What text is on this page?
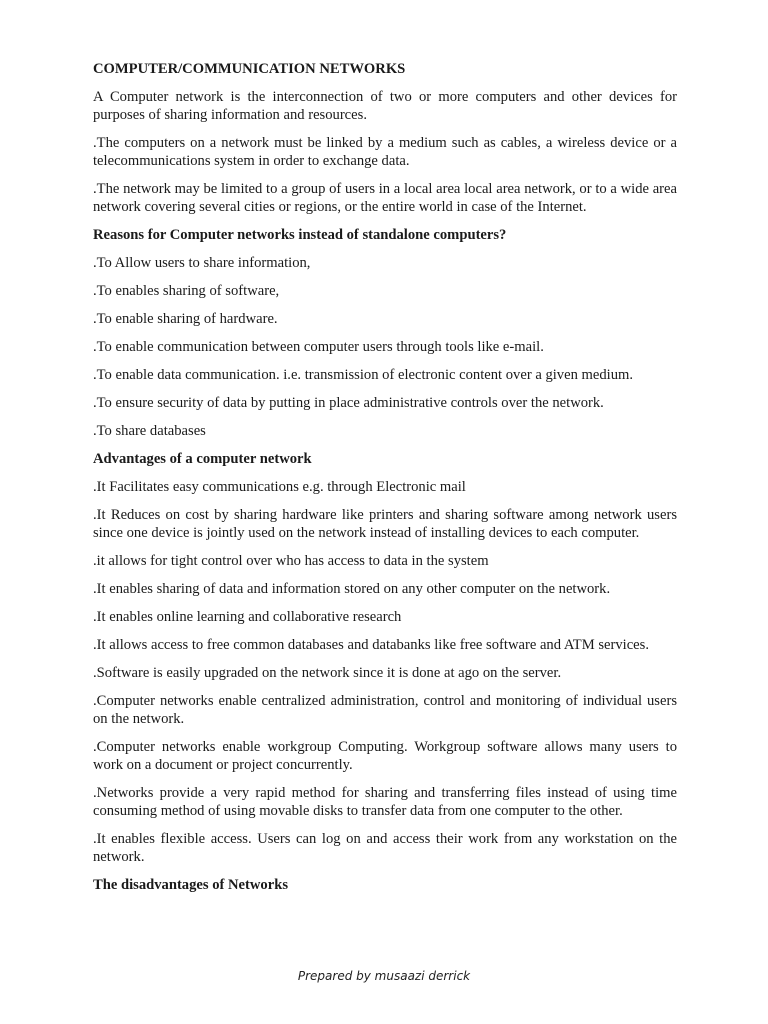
COMPUTER/COMMUNICATION NETWORKS

A Computer network is the interconnection of two or more computers and other devices for purposes of sharing information and resources.

.The computers on a network must be linked by a medium such as cables, a wireless device or a telecommunications system in order to exchange data.

.The network may be limited to a group of users in a local area local area network, or to a wide area network covering several cities or regions, or the entire world in case of the Internet.

Reasons for Computer networks instead of standalone computers?

.To Allow users to share information,

.To enables sharing of software,

.To enable sharing of hardware.

.To enable communication between computer users through tools like e-mail.

.To enable data communication. i.e. transmission of electronic content over a given medium.

.To ensure security of data by putting in place administrative controls over the network.

.To share databases

Advantages of a computer network

.It Facilitates easy communications e.g. through Electronic mail

.It Reduces on cost by sharing hardware like printers and sharing software among network users since one device is jointly used on the network instead of installing devices to each computer.

.it allows for tight control over who has access to data in the system

.It enables sharing of data and information stored on any other computer on the network.

.It enables online learning and collaborative research

.It allows access to free common databases and databanks like free software and ATM services.

.Software is easily upgraded on the network since it is done at ago on the server.

.Computer networks enable centralized administration, control and monitoring of individual users on the network.

.Computer networks enable workgroup Computing. Workgroup software allows many users to work on a document or project concurrently.

.Networks provide a very rapid method for sharing and transferring files instead of using time consuming method of using movable disks to transfer data from one computer to the other.

.It enables flexible access. Users can log on and access their work from any workstation on the network.

The disadvantages of Networks

Prepared by musaazi derrick
